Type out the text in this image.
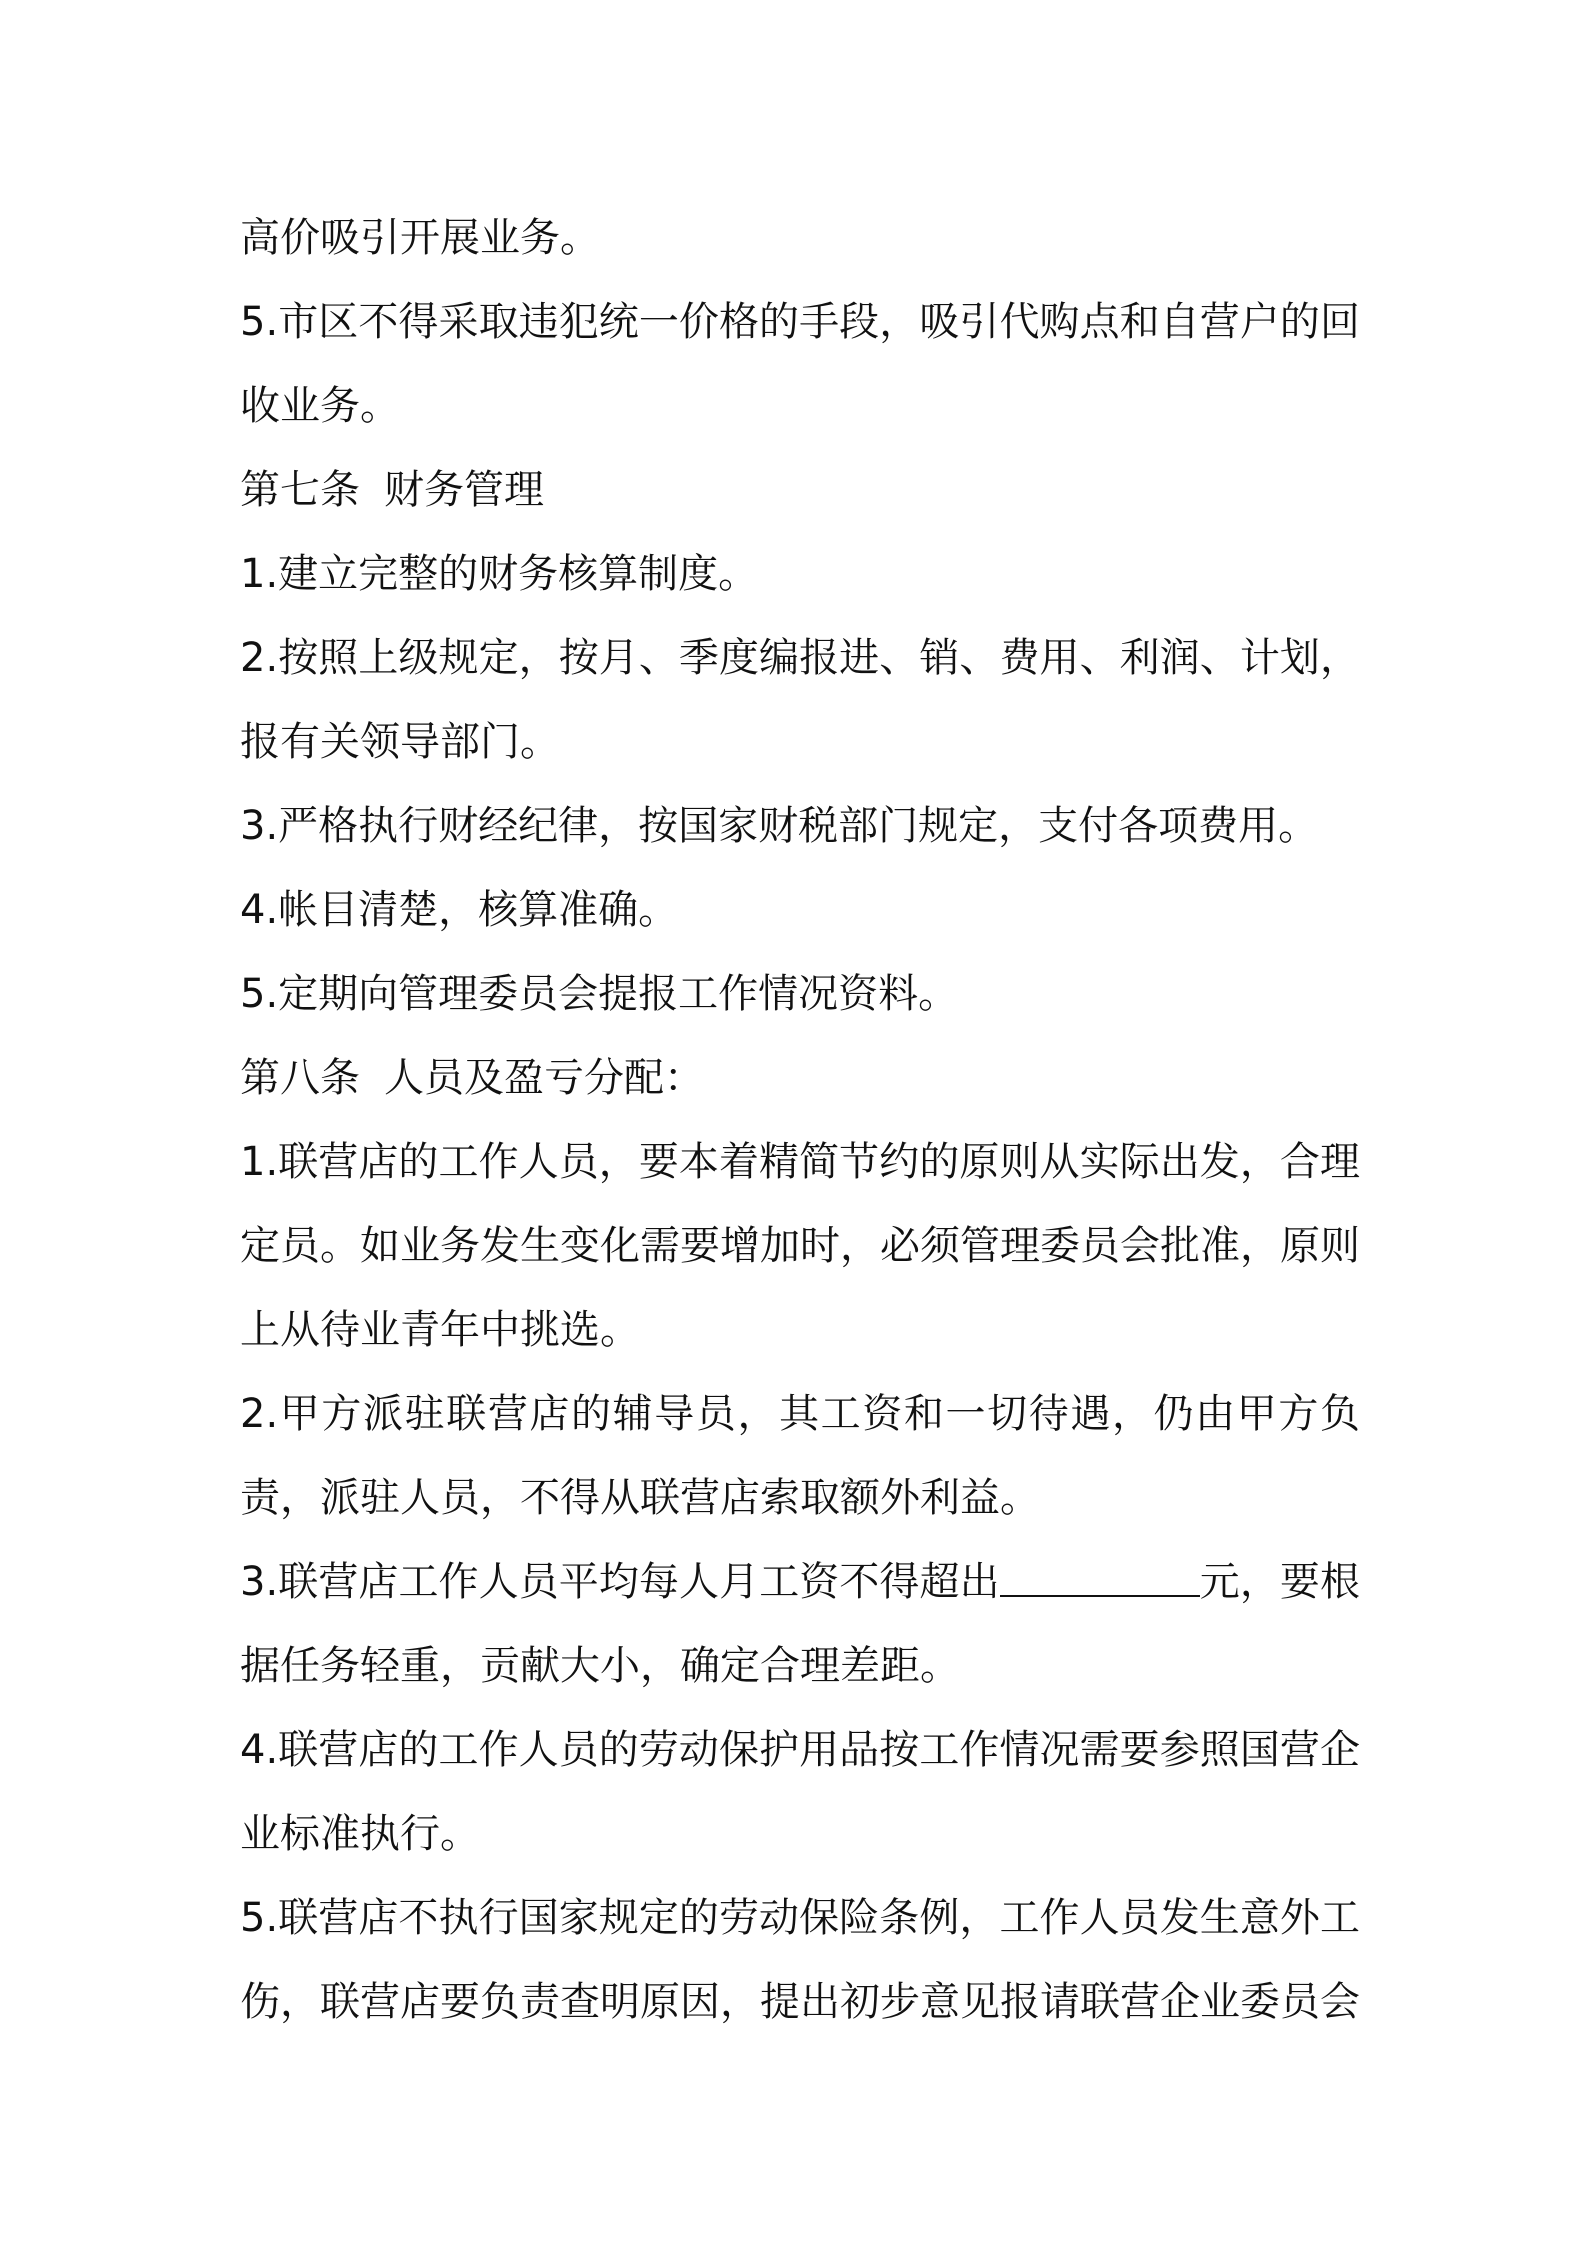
高价吸引开展业务。

5.市区不得采取违犯统一价格的手段，吸引代购点和自营户的回收业务。

第七条 财务管理

1.建立完整的财务核算制度。

2.按照上级规定，按月、季度编报进、销、费用、利润、计划，报有关领导部门。

3.严格执行财经纪律，按国家财税部门规定，支付各项费用。

4.帐目清楚，核算准确。

5.定期向管理委员会提报工作情况资料。

第八条 人员及盈亏分配：

1.联营店的工作人员，要本着精简节约的原则从实际出发，合理定员。如业务发生变化需要增加时，必须管理委员会批准，原则上从待业青年中挑选。

2.甲方派驻联营店的辅导员，其工资和一切待遇，仍由甲方负责，派驻人员，不得从联营店索取额外利益。

3.联营店工作人员平均每人月工资不得超出	元，要根据任务轻重，贡献大小，确定合理差距。

4.联营店的工作人员的劳动保护用品按工作情况需要参照国营企业标准执行。

5.联营店不执行国家规定的劳动保险条例，工作人员发生意外工伤，联营店要负责查明原因，提出初步意见报请联营企业委员会
